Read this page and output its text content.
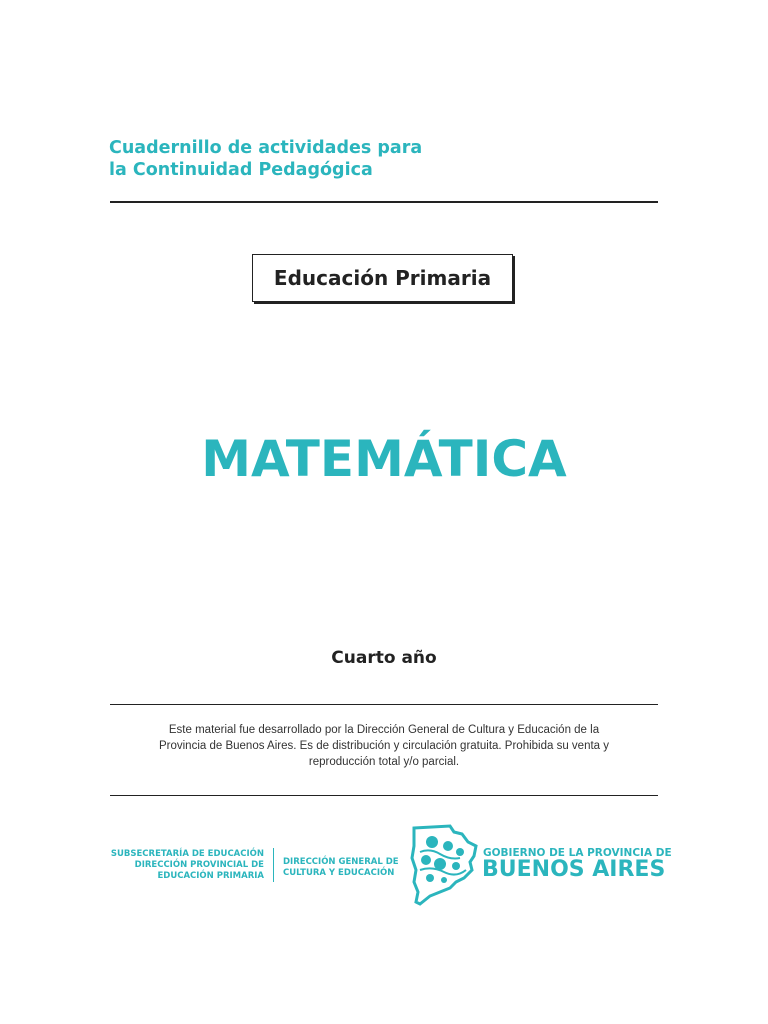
Cuadernillo de actividades para
la Continuidad Pedagógica
Educación Primaria
MATEMÁTICA
Cuarto año
Este material fue desarrollado por la Dirección General de Cultura y Educación de la
Provincia de Buenos Aires. Es de distribución y circulación gratuita. Prohibida su venta y
reproducción total y/o parcial.
SUBSECRETARÍA DE EDUCACIÓN
DIRECCIÓN PROVINCIAL DE
EDUCACIÓN PRIMARIA
DIRECCIÓN GENERAL DE
CULTURA Y EDUCACIÓN
GOBIERNO DE LA PROVINCIA DE
BUENOS AIRES
